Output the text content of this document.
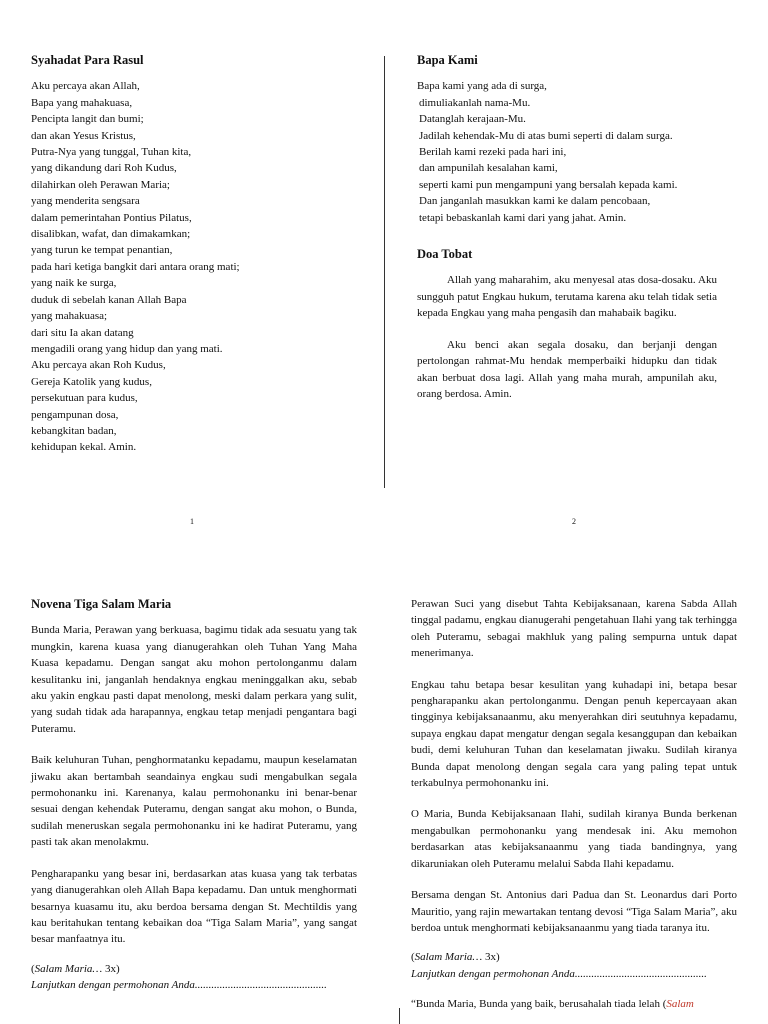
Syahadat Para Rasul
Aku percaya akan Allah,
Bapa yang mahakuasa,
Pencipta langit dan bumi;
dan akan Yesus Kristus,
Putra-Nya yang tunggal, Tuhan kita,
yang dikandung dari Roh Kudus,
dilahirkan oleh Perawan Maria;
yang menderita sengsara
dalam pemerintahan Pontius Pilatus,
disalibkan, wafat, dan dimakamkan;
yang turun ke tempat penantian,
pada hari ketiga bangkit dari antara orang mati;
yang naik ke surga,
duduk di sebelah kanan Allah Bapa
yang mahakuasa;
dari situ Ia akan datang
mengadili orang yang hidup dan yang mati.
Aku percaya akan Roh Kudus,
Gereja Katolik yang kudus,
persekutuan para kudus,
pengampunan dosa,
kebangkitan badan,
kehidupan kekal. Amin.
1
Bapa Kami
Bapa kami yang ada di surga,
dimuliakanlah nama-Mu.
Datanglah kerajaan-Mu.
Jadilah kehendak-Mu di atas bumi seperti di dalam surga.
Berilah kami rezeki pada hari ini,
dan ampunilah kesalahan kami,
seperti kami pun mengampuni yang bersalah kepada kami.
Dan janganlah masukkan kami ke dalam pencobaan,
tetapi bebaskanlah kami dari yang jahat. Amin.
Doa Tobat

Allah yang maharahim, aku menyesal atas dosa-dosaku. Aku sungguh patut Engkau hukum, terutama karena aku telah tidak setia kepada Engkau yang maha pengasih dan mahabaik bagiku.

Aku benci akan segala dosaku, dan berjanji dengan pertolongan rahmat-Mu hendak memperbaiki hidupku dan tidak akan berbuat dosa lagi. Allah yang maha murah, ampunilah aku, orang berdosa. Amin.

2
Novena Tiga Salam Maria

Bunda Maria, Perawan yang berkuasa, bagimu tidak ada sesuatu yang tak mungkin, karena kuasa yang dianugerahkan oleh Tuhan Yang Maha Kuasa kepadamu. Dengan sangat aku mohon pertolonganmu dalam kesulitanku ini, janganlah hendaknya engkau meninggalkan aku, sebab aku yakin engkau pasti dapat menolong, meski dalam perkara yang sulit, yang sudah tidak ada harapannya, engkau tetap menjadi pengantara bagi Puteramu.

Baik keluhuran Tuhan, penghormatanku kepadamu, maupun keselamatan jiwaku akan bertambah seandainya engkau sudi mengabulkan segala permohonanku ini. Karenanya, kalau permohonanku ini benar-benar sesuai dengan kehendak Puteramu, dengan sangat aku mohon, o Bunda, sudilah meneruskan segala permohonanku ini ke hadirat Puteramu, yang pasti tak akan menolakmu.

Pengharapanku yang besar ini, berdasarkan atas kuasa yang tak terbatas yang dianugerahkan oleh Allah Bapa kepadamu. Dan untuk menghormati besarnya kuasamu itu, aku berdoa bersama dengan St. Mechtildis yang kau beritahukan tentang kebaikan doa “Tiga Salam Maria”, yang sangat besar manfaatnya itu.

(Salam Maria… 3x)
Lanjutkan dengan permohonan Anda................................................

Perawan Suci yang disebut Tahta Kebijaksanaan, karena Sabda Allah tinggal padamu, engkau dianugerahi pengetahuan Ilahi yang tak terhingga oleh Puteramu, sebagai makhluk yang paling sempurna untuk dapat menerimanya.

Engkau tahu betapa besar kesulitan yang kuhadapi ini, betapa besar pengharapanku akan pertolonganmu. Dengan penuh kepercayaan akan tingginya kebijaksanaanmu, aku menyerahkan diri seutuhnya kepadamu, supaya engkau dapat mengatur dengan segala kesanggupan dan kebaikan budi, demi keluhuran Tuhan dan keselamatan jiwaku. Sudilah kiranya Bunda dapat menolong dengan segala cara yang paling tepat untuk terkabulnya permohonanku ini.

O Maria, Bunda Kebijaksanaan Ilahi, sudilah kiranya Bunda berkenan mengabulkan permohonanku yang mendesak ini. Aku memohon berdasarkan atas kebijaksanaanmu yang tiada bandingnya, yang dikaruniakan oleh Puteramu melalui Sabda Ilahi kepadamu.

Bersama dengan St. Antonius dari Padua dan St. Leonardus dari Porto Mauritio, yang rajin mewartakan tentang devosi “Tiga Salam Maria”, aku berdoa untuk menghormati kebijaksanaanmu yang tiada taranya itu.

(Salam Maria… 3x)
Lanjutkan dengan permohonan Anda................................................
“Bunda Maria, Bunda yang baik, berusahalah tiada lelah (Salam
